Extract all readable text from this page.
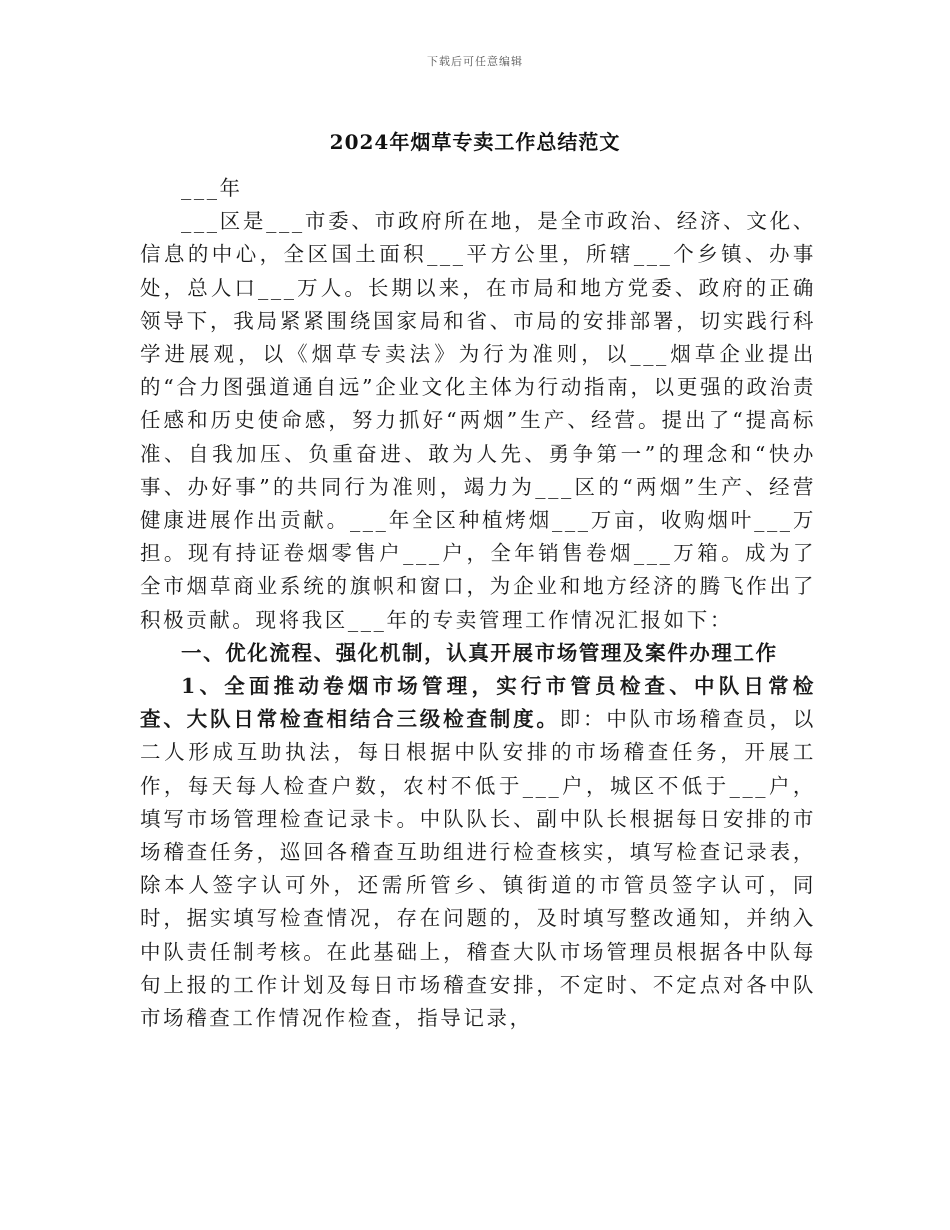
下载后可任意编辑
2024年烟草专卖工作总结范文

___年

___区是___市委、市政府所在地，是全市政治、经济、文化、信息的中心，全区国土面积___平方公里，所辖___个乡镇、办事处，总人口___万人。长期以来，在市局和地方党委、政府的正确领导下，我局紧紧围绕国家局和省、市局的安排部署，切实践行科学进展观，以《烟草专卖法》为行为准则，以___烟草企业提出的“合力图强道通自远”企业文化主体为行动指南，以更强的政治责任感和历史使命感，努力抓好“两烟”生产、经营。提出了“提高标准、自我加压、负重奋进、敢为人先、勇争第一”的理念和“快办事、办好事”的共同行为准则，竭力为___区的“两烟”生产、经营健康进展作出贡献。___年全区种植烤烟___万亩，收购烟叶___万担。现有持证卷烟零售户___户，全年销售卷烟___万箱。成为了全市烟草商业系统的旗帜和窗口，为企业和地方经济的腾飞作出了积极贡献。现将我区___年的专卖管理工作情况汇报如下：

一、优化流程、强化机制，认真开展市场管理及案件办理工作

1、全面推动卷烟市场管理，实行市管员检查、中队日常检查、大队日常检查相结合三级检查制度。即：中队市场稽查员，以二人形成互助执法，每日根据中队安排的市场稽查任务，开展工作，每天每人检查户数，农村不低于___户，城区不低于___户，填写市场管理检查记录卡。中队队长、副中队长根据每日安排的市场稽查任务，巡回各稽查互助组进行检查核实，填写检查记录表，除本人签字认可外，还需所管乡、镇街道的市管员签字认可，同时，据实填写检查情况，存在问题的，及时填写整改通知，并纳入中队责任制考核。在此基础上，稽查大队市场管理员根据各中队每旬上报的工作计划及每日市场稽查安排，不定时、不定点对各中队市场稽查工作情况作检查，指导记录，
